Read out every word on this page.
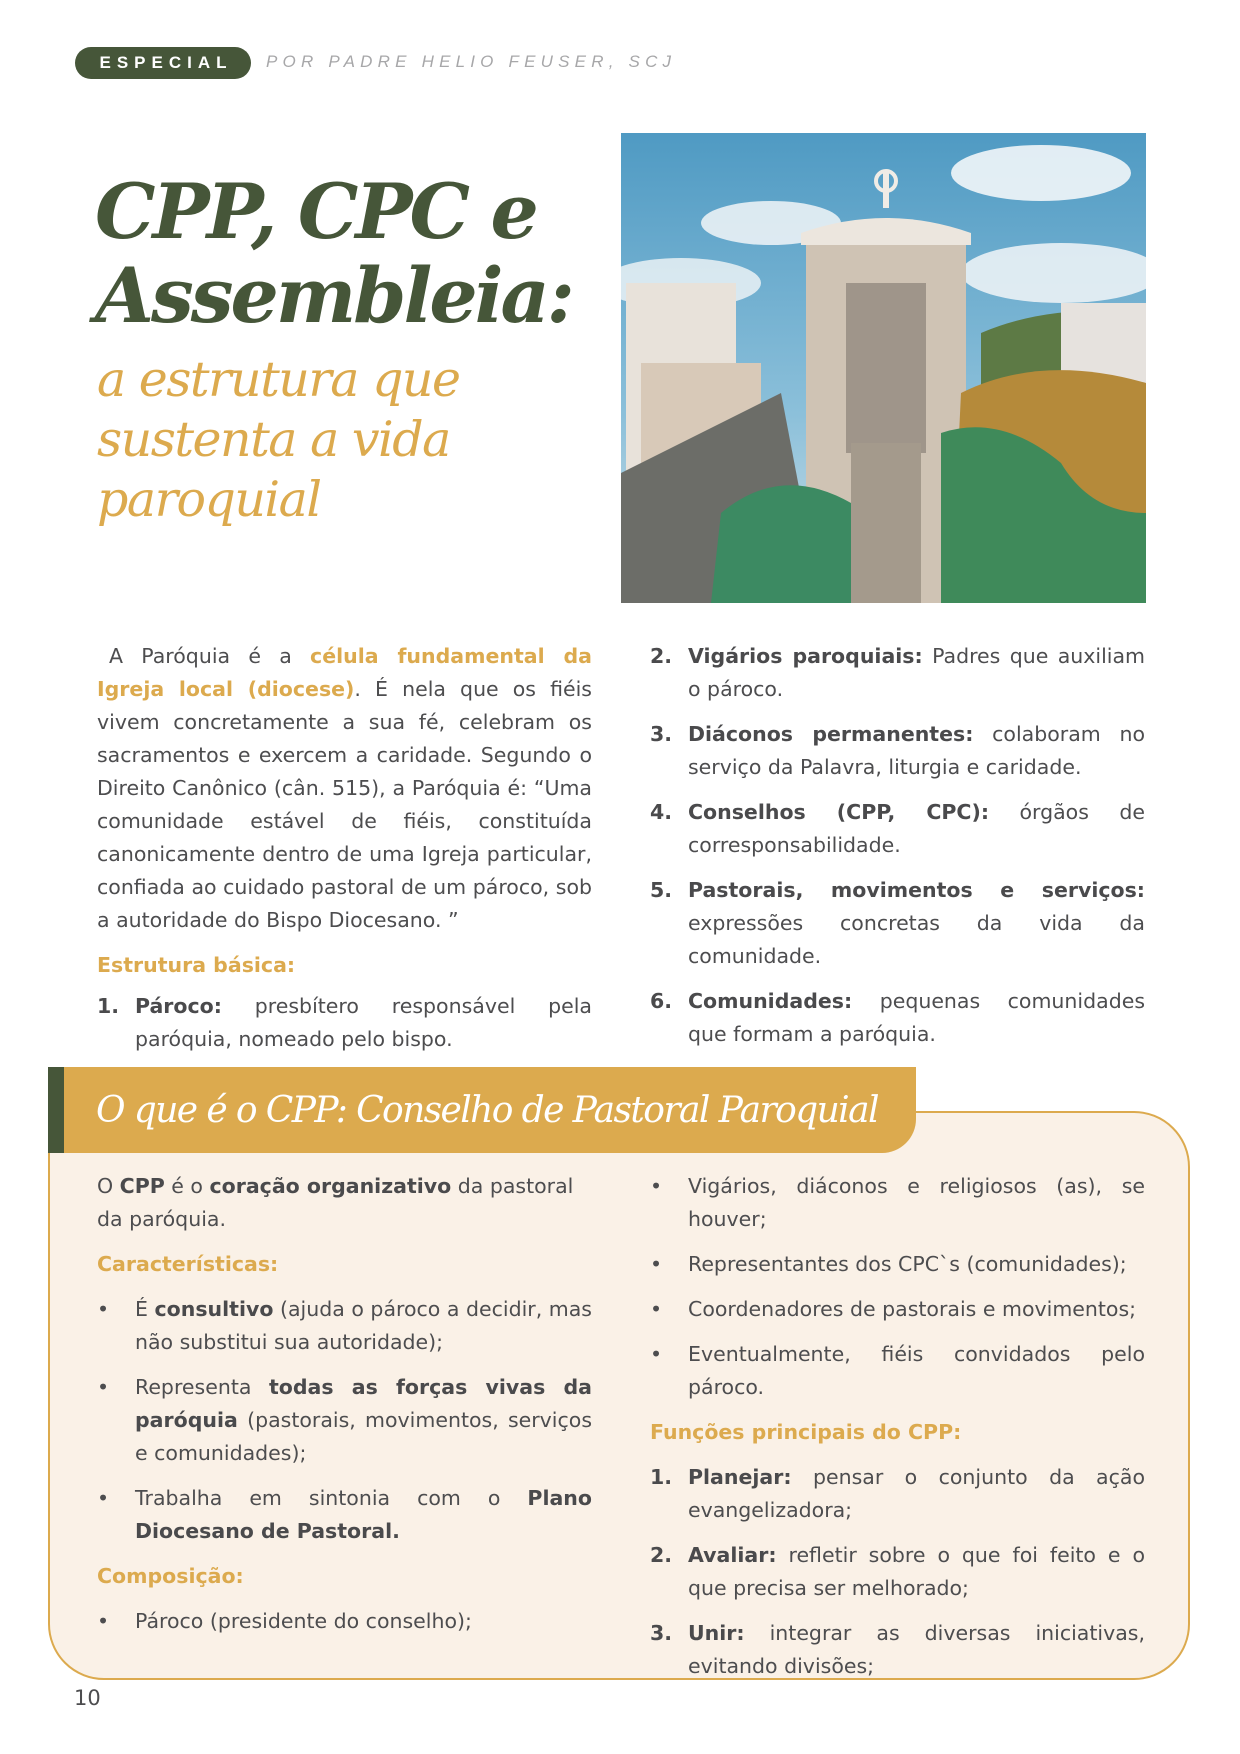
ESPECIAL	POR PADRE HELIO FEUSER, SCJ
CPP, CPC e
Assembleia:
a estrutura que
sustenta a vida
paroquial

A Paróquia é a célula fundamental da Igreja local (diocese). É nela que os fiéis vivem concretamente a sua fé, celebram os sacramentos e exercem a caridade. Segundo o Direito Canônico (cân. 515), a Paróquia é: “Uma comunidade estável de fiéis, constituída canonicamente dentro de uma Igreja particular, confiada ao cuidado pastoral de um pároco, sob a autoridade do Bispo Diocesano. ”

Estrutura básica:
1. Pároco: presbítero responsável pela paróquia, nomeado pelo bispo.
2. Vigários paroquiais: Padres que auxiliam o pároco.
3. Diáconos permanentes: colaboram no serviço da Palavra, liturgia e caridade.
4. Conselhos (CPP, CPC): órgãos de corresponsabilidade.
5. Pastorais, movimentos e serviços: expressões concretas da vida da comunidade.
6. Comunidades: pequenas comunidades que formam a paróquia.
O que é o CPP: Conselho de Pastoral Paroquial

O CPP é o coração organizativo da pastoral da paróquia.

Características:
• É consultivo (ajuda o pároco a decidir, mas não substitui sua autoridade);
• Representa todas as forças vivas da paróquia (pastorais, movimentos, serviços e comunidades);
• Trabalha em sintonia com o Plano Diocesano de Pastoral.
Composição:
• Pároco (presidente do conselho);
• Vigários, diáconos e religiosos (as), se houver;
• Representantes dos CPC`s (comunidades);
• Coordenadores de pastorais e movimentos;
• Eventualmente, fiéis convidados pelo pároco.
Funções principais do CPP:
1. Planejar: pensar o conjunto da ação evangelizadora;
2. Avaliar: refletir sobre o que foi feito e o que precisa ser melhorado;
3. Unir: integrar as diversas iniciativas, evitando divisões;
10
